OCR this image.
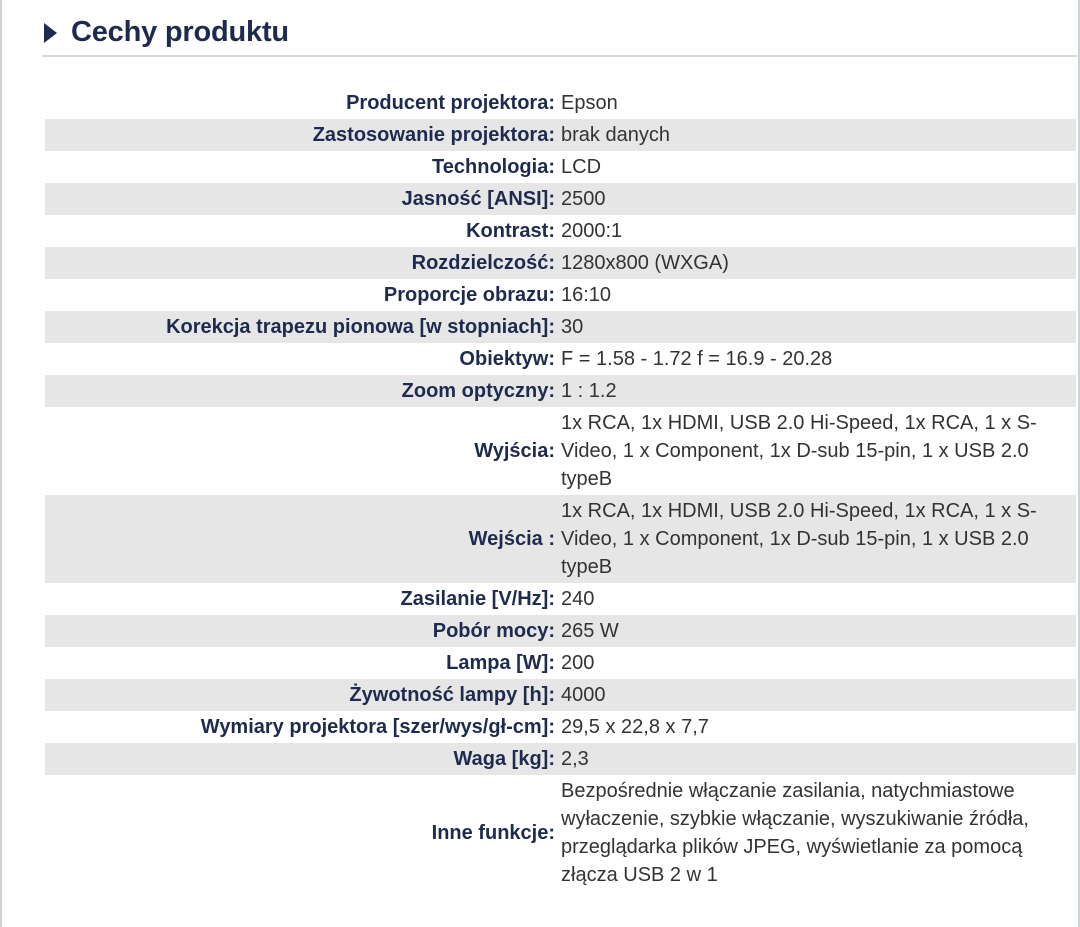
Cechy produktu
Producent projektora:	Epson
Zastosowanie projektora:	brak danych
Technologia:	LCD
Jasność [ANSI]:	2500
Kontrast:	2000:1
Rozdzielczość:	1280x800 (WXGA)
Proporcje obrazu:	16:10
Korekcja trapezu pionowa [w stopniach]:	30
Obiektyw:	F = 1.58 - 1.72 f = 16.9 - 20.28
Zoom optyczny:	1 : 1.2
Wyjścia:	1x RCA, 1x HDMI, USB 2.0 Hi-Speed, 1x RCA, 1 x S-Video, 1 x Component, 1x D-sub 15-pin, 1 x USB 2.0 typeB
Wejścia :	1x RCA, 1x HDMI, USB 2.0 Hi-Speed, 1x RCA, 1 x S-Video, 1 x Component, 1x D-sub 15-pin, 1 x USB 2.0 typeB
Zasilanie [V/Hz]:	240
Pobór mocy:	265 W
Lampa [W]:	200
Żywotność lampy [h]:	4000
Wymiary projektora [szer/wys/gł-cm]:	29,5 x 22,8 x 7,7
Waga [kg]:	2,3
Inne funkcje:	Bezpośrednie włączanie zasilania, natychmiastowe wyłaczenie, szybkie włączanie, wyszukiwanie źródła, przeglądarka plików JPEG, wyświetlanie za pomocą złącza USB 2 w 1
